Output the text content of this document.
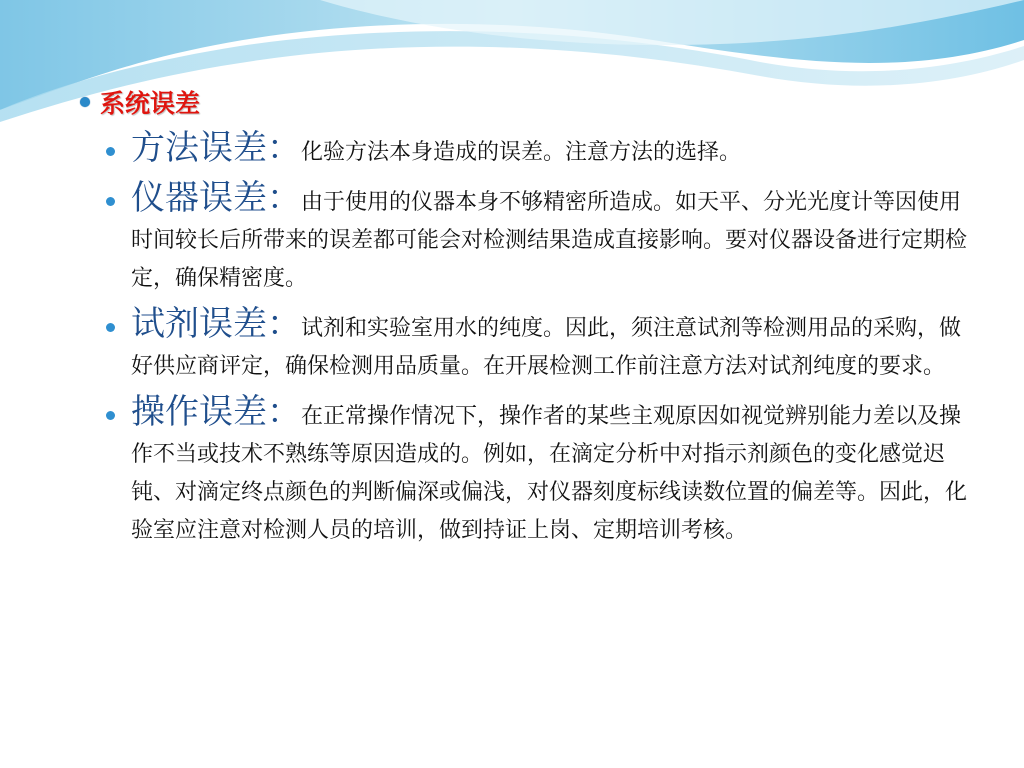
系统误差
方法误差：化验方法本身造成的误差。注意方法的选择。
仪器误差：由于使用的仪器本身不够精密所造成。如天平、分光光度计等因使用时间较长后所带来的误差都可能会对检测结果造成直接影响。要对仪器设备进行定期检定，确保精密度。
试剂误差：试剂和实验室用水的纯度。因此，须注意试剂等检测用品的采购，做好供应商评定，确保检测用品质量。在开展检测工作前注意方法对试剂纯度的要求。
操作误差：在正常操作情况下，操作者的某些主观原因如视觉辨别能力差以及操作不当或技术不熟练等原因造成的。例如，在滴定分析中对指示剂颜色的变化感觉迟钝、对滴定终点颜色的判断偏深或偏浅，对仪器刻度标线读数位置的偏差等。因此，化验室应注意对检测人员的培训，做到持证上岗、定期培训考核。
